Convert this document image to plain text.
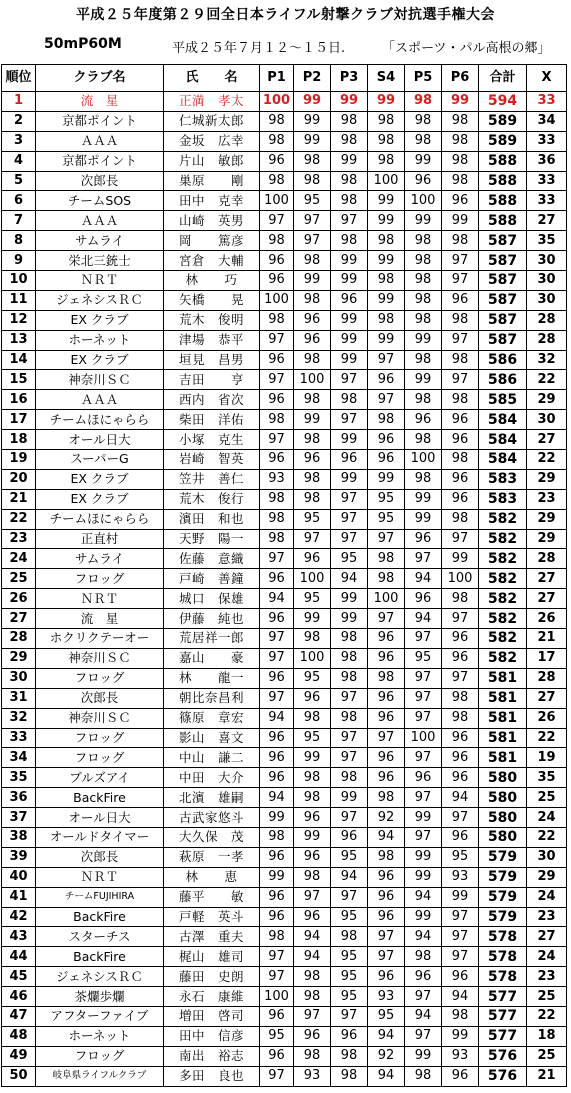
平成２５年度第２９回全日本ライフル射撃クラブ対抗選手権大会
50mP60M	平成２５年７月１２～１５日.	「スポーツ・パル高根の郷」
順位	クラブ名	氏　　名	P1	P2	P3	S4	P5	P6	合計	X
1	流　星	正満　孝太	100	99	99	99	98	99	594	33
2	京都ポイント	仁城新太郎	98	99	98	98	98	98	589	34
3	ＡＡＡ	金坂　広幸	98	99	98	98	98	98	589	33
4	京都ポイント	片山　敏郎	96	98	99	98	99	98	588	36
5	次郎長	巣原　　剛	98	98	98	100	96	98	588	33
6	チームSOS	田中　克幸	100	95	98	99	100	96	588	33
7	ＡＡＡ	山崎　英男	97	97	97	99	99	99	588	27
8	サムライ	岡　　篤彦	98	97	98	98	98	98	587	35
9	栄北三銃士	宮倉　大輔	96	98	99	99	98	97	587	30
10	ＮＲＴ	林　　巧	96	99	99	98	98	97	587	30
11	ジェネシスＲＣ	矢橋　　晃	100	98	96	99	98	96	587	30
12	EX クラブ	荒木　俊明	98	96	99	98	98	98	587	28
13	ホーネット	津場　恭平	97	96	99	99	99	97	587	28
14	EX クラブ	垣見　昌男	96	98	99	97	98	98	586	32
15	神奈川ＳＣ	吉田　　亨	97	100	97	96	99	97	586	22
16	ＡＡＡ	西内　省次	96	98	98	97	98	98	585	29
17	チームほにゃらら	柴田　洋佑	98	99	97	98	96	96	584	30
18	オール日大	小塚　克生	97	98	99	96	98	96	584	27
19	スーパーG	岩崎　智英	96	96	96	96	100	98	584	22
20	EX クラブ	笠井　善仁	93	98	99	99	98	96	583	29
21	EX クラブ	荒木　俊行	98	98	97	95	99	96	583	23
22	チームほにゃらら	濱田　和也	98	95	97	95	99	98	582	29
23	正直村	天野　陽一	98	97	97	97	96	97	582	29
24	サムライ	佐藤　意織	97	96	95	98	97	99	582	28
25	フロッグ	戸崎　善鐘	96	100	94	98	94	100	582	27
26	ＮＲＴ	城口　保雄	94	95	99	100	96	98	582	27
27	流　星	伊藤　純也	96	99	99	97	94	97	582	26
28	ホクリクテーオー	荒居祥一郎	97	98	98	96	97	96	582	21
29	神奈川ＳＣ	嘉山　　豪	97	100	98	96	95	96	582	17
30	フロッグ	林　　龍一	96	95	98	98	97	97	581	28
31	次郎長	朝比奈昌利	97	96	97	96	97	98	581	27
32	神奈川ＳＣ	篠原　章宏	94	98	98	96	97	98	581	26
33	フロッグ	影山　喜文	96	95	97	97	100	96	581	22
34	フロッグ	中山　謙二	96	99	97	96	97	96	581	19
35	ブルズアイ	中田　大介	96	98	98	96	96	96	580	35
36	BackFire	北濱　雄嗣	94	98	99	98	97	94	580	25
37	オール日大	古武家悠斗	99	96	97	92	99	97	580	24
38	オールドタイマー	大久保　茂	98	99	96	94	97	96	580	22
39	次郎長	萩原　一孝	96	96	95	98	99	95	579	30
40	ＮＲＴ	林　　恵	99	98	94	96	99	93	579	29
41	チームFUJIHIRA	藤平　　敏	96	97	97	96	94	99	579	24
42	BackFire	戸軽　英斗	96	96	95	96	99	97	579	23
43	スターチス	古澤　重夫	98	94	98	97	94	97	578	27
44	BackFire	梶山　雄司	97	94	95	97	98	97	578	24
45	ジェネシスＲＣ	藤田　史朗	97	98	95	96	96	96	578	23
46	茶爛歩爛	永石　康維	100	98	95	93	97	94	577	25
47	アフターファイブ	増田　啓司	96	97	97	95	94	98	577	22
48	ホーネット	田中　信彦	95	96	96	94	97	99	577	18
49	フロッグ	南出　裕志	96	98	98	92	99	93	576	25
50	岐阜県ライフルクラブ	多田　良也	97	93	98	94	98	96	576	21
